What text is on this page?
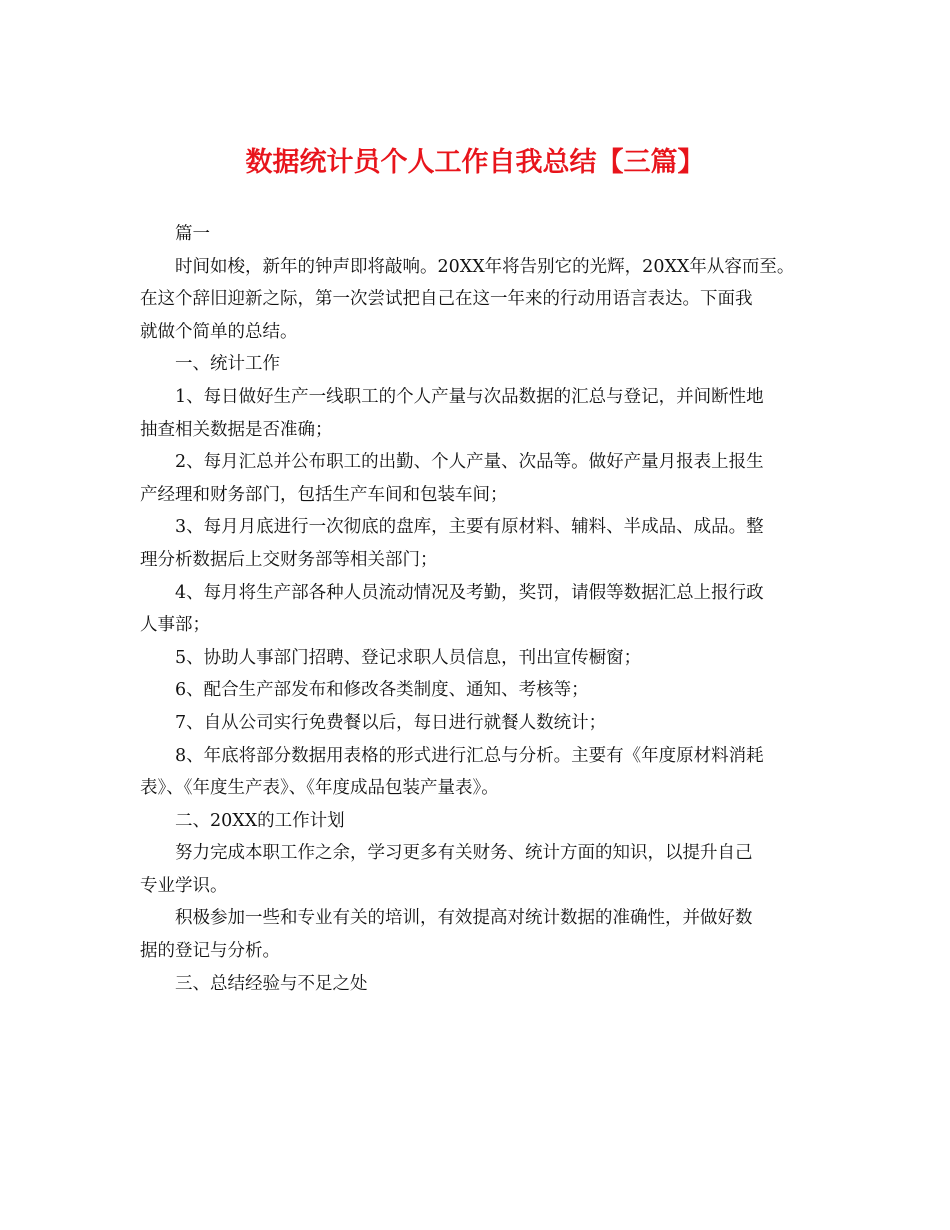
数据统计员个人工作自我总结【三篇】

篇一

时间如梭，新年的钟声即将敲响。20XX年将告别它的光辉，20XX年从容而至。
在这个辞旧迎新之际，第一次尝试把自己在这一年来的行动用语言表达。下面我
就做个简单的总结。

一、统计工作

1、每日做好生产一线职工的个人产量与次品数据的汇总与登记，并间断性地
抽查相关数据是否准确；

2、每月汇总并公布职工的出勤、个人产量、次品等。做好产量月报表上报生
产经理和财务部门，包括生产车间和包装车间；

3、每月月底进行一次彻底的盘库，主要有原材料、辅料、半成品、成品。整
理分析数据后上交财务部等相关部门；

4、每月将生产部各种人员流动情况及考勤，奖罚，请假等数据汇总上报行政
人事部；

5、协助人事部门招聘、登记求职人员信息，刊出宣传橱窗；

6、配合生产部发布和修改各类制度、通知、考核等；

7、自从公司实行免费餐以后，每日进行就餐人数统计；

8、年底将部分数据用表格的形式进行汇总与分析。主要有《年度原材料消耗
表》、《年度生产表》、《年度成品包装产量表》。

二、20XX的工作计划

努力完成本职工作之余，学习更多有关财务、统计方面的知识，以提升自己
专业学识。

积极参加一些和专业有关的培训，有效提高对统计数据的准确性，并做好数
据的登记与分析。

三、总结经验与不足之处
